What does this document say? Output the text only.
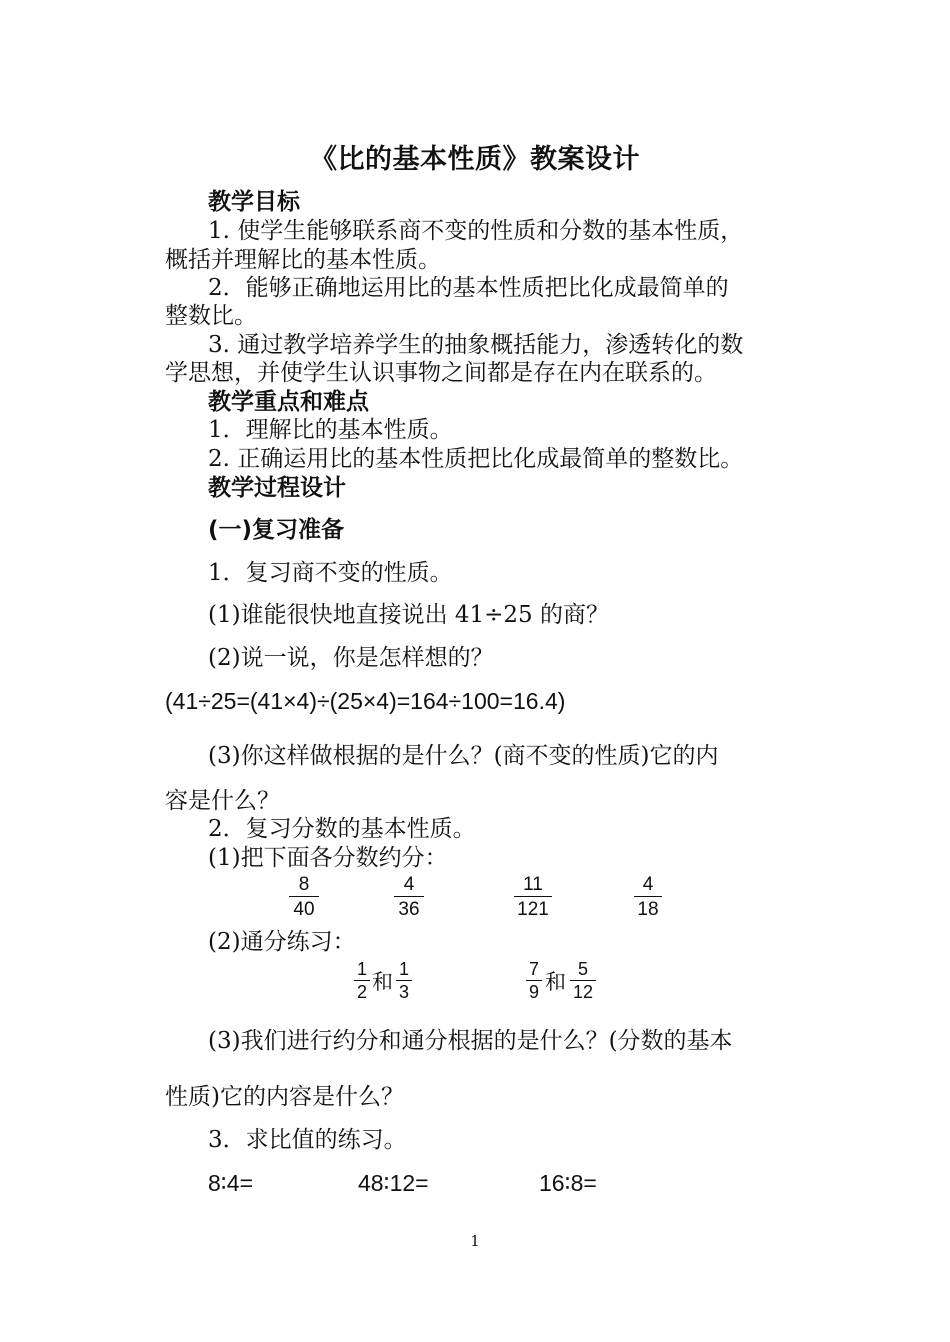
《比的基本性质》教案设计
教学目标
1. 使学生能够联系商不变的性质和分数的基本性质，
概括并理解比的基本性质。
2．能够正确地运用比的基本性质把比化成最简单的
整数比。
3. 通过教学培养学生的抽象概括能力，渗透转化的数
学思想，并使学生认识事物之间都是存在内在联系的。
教学重点和难点
1．理解比的基本性质。
2. 正确运用比的基本性质把比化成最简单的整数比。
教学过程设计
(一)复习准备
1．复习商不变的性质。
(1)谁能很快地直接说出 41÷25 的商？
(2)说一说，你是怎样想的？
(41÷25=(41×4)÷(25×4)=164÷100=16.4)
(3)你这样做根据的是什么？(商不变的性质)它的内
容是什么？
2．复习分数的基本性质。
(1)把下面各分数约分：
8
40
4
36
11
121
4
18
(2)通分练习：
1
2 和
1
3
7
9 和
5
12
(3)我们进行约分和通分根据的是什么？(分数的基本
性质)它的内容是什么？
3．求比值的练习。
8∶4=	48∶12=	16∶8=
1
